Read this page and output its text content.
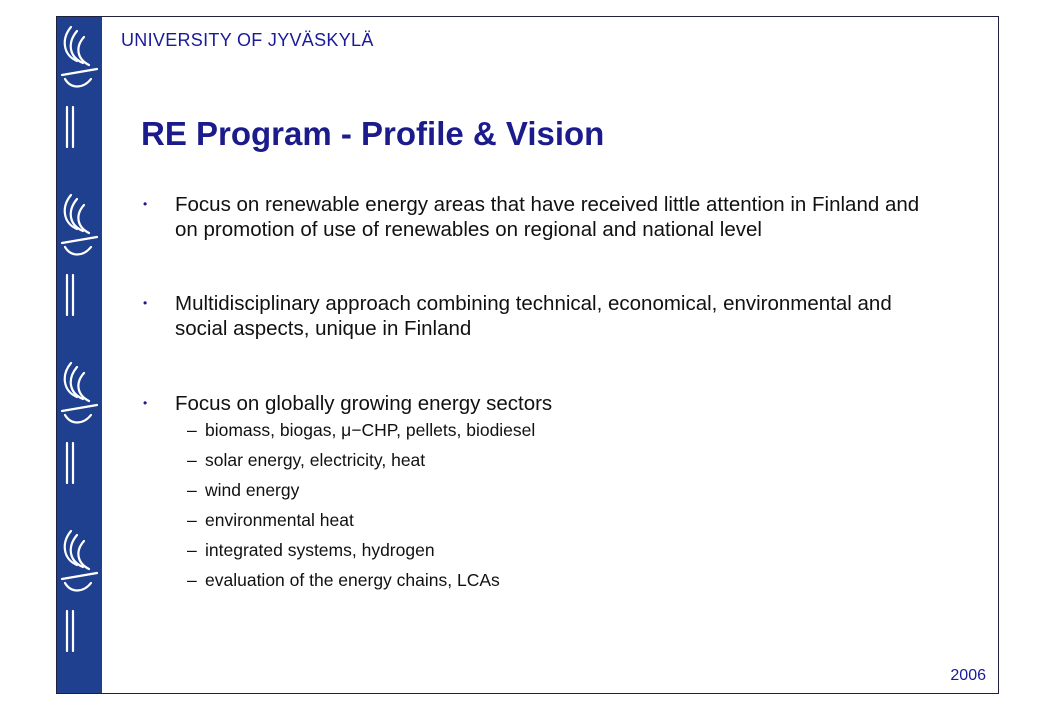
UNIVERSITY OF JYVÄSKYLÄ
RE Program - Profile & Vision
• Focus on renewable energy areas that have received little attention in Finland and on promotion of use of renewables on regional and national level
• Multidisciplinary approach combining technical, economical, environmental and social aspects, unique in Finland
• Focus on globally growing energy sectors
– biomass, biogas, μ−CHP, pellets, biodiesel
– solar energy, electricity, heat
– wind energy
– environmental heat
– integrated systems, hydrogen
– evaluation of the energy chains, LCAs
2006
